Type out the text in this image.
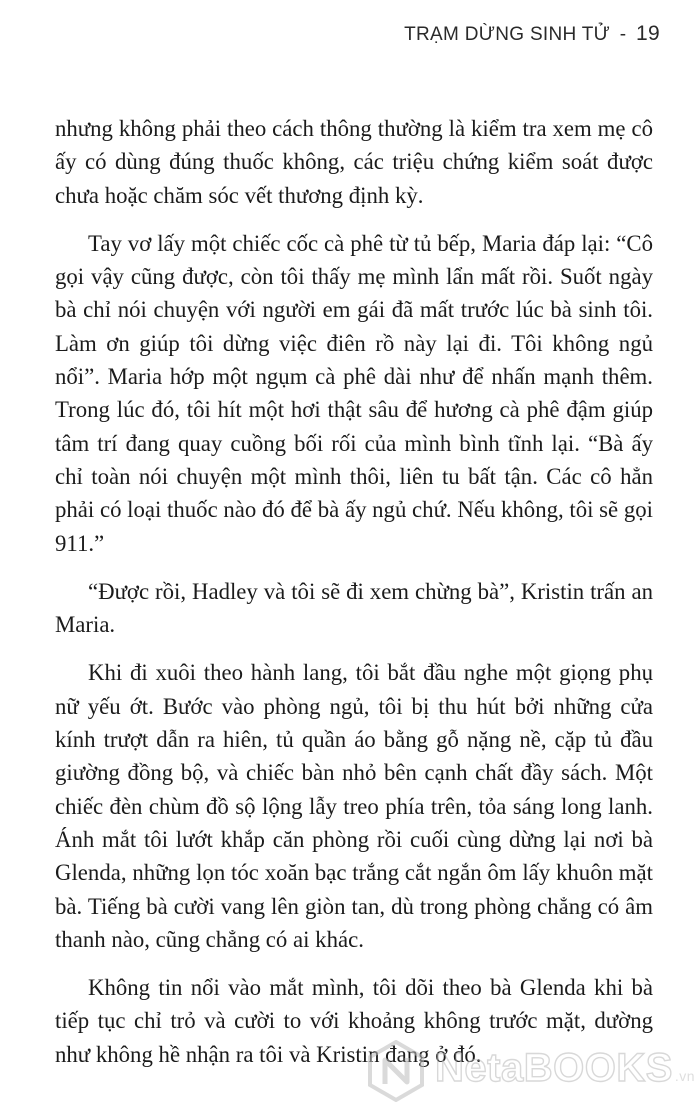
TRẠM DỪNG SINH TỬ - 19

nhưng không phải theo cách thông thường là kiểm tra xem mẹ cô ấy có dùng đúng thuốc không, các triệu chứng kiểm soát được chưa hoặc chăm sóc vết thương định kỳ.

Tay vơ lấy một chiếc cốc cà phê từ tủ bếp, Maria đáp lại: “Cô gọi vậy cũng được, còn tôi thấy mẹ mình lẩn mất rồi. Suốt ngày bà chỉ nói chuyện với người em gái đã mất trước lúc bà sinh tôi. Làm ơn giúp tôi dừng việc điên rồ này lại đi. Tôi không ngủ nổi”. Maria hớp một ngụm cà phê dài như để nhấn mạnh thêm. Trong lúc đó, tôi hít một hơi thật sâu để hương cà phê đậm giúp tâm trí đang quay cuồng bối rối của mình bình tĩnh lại. “Bà ấy chỉ toàn nói chuyện một mình thôi, liên tu bất tận. Các cô hẳn phải có loại thuốc nào đó để bà ấy ngủ chứ. Nếu không, tôi sẽ gọi 911.”

“Được rồi, Hadley và tôi sẽ đi xem chừng bà”, Kristin trấn an Maria.

Khi đi xuôi theo hành lang, tôi bắt đầu nghe một giọng phụ nữ yếu ớt. Bước vào phòng ngủ, tôi bị thu hút bởi những cửa kính trượt dẫn ra hiên, tủ quần áo bằng gỗ nặng nề, cặp tủ đầu giường đồng bộ, và chiếc bàn nhỏ bên cạnh chất đầy sách. Một chiếc đèn chùm đồ sộ lộng lẫy treo phía trên, tỏa sáng long lanh. Ánh mắt tôi lướt khắp căn phòng rồi cuối cùng dừng lại nơi bà Glenda, những lọn tóc xoăn bạc trắng cắt ngắn ôm lấy khuôn mặt bà. Tiếng bà cười vang lên giòn tan, dù trong phòng chẳng có âm thanh nào, cũng chẳng có ai khác.

Không tin nổi vào mắt mình, tôi dõi theo bà Glenda khi bà tiếp tục chỉ trỏ và cười to với khoảng không trước mặt, dường như không hề nhận ra tôi và Kristin đang ở đó.

NetaBOOKS .vn
